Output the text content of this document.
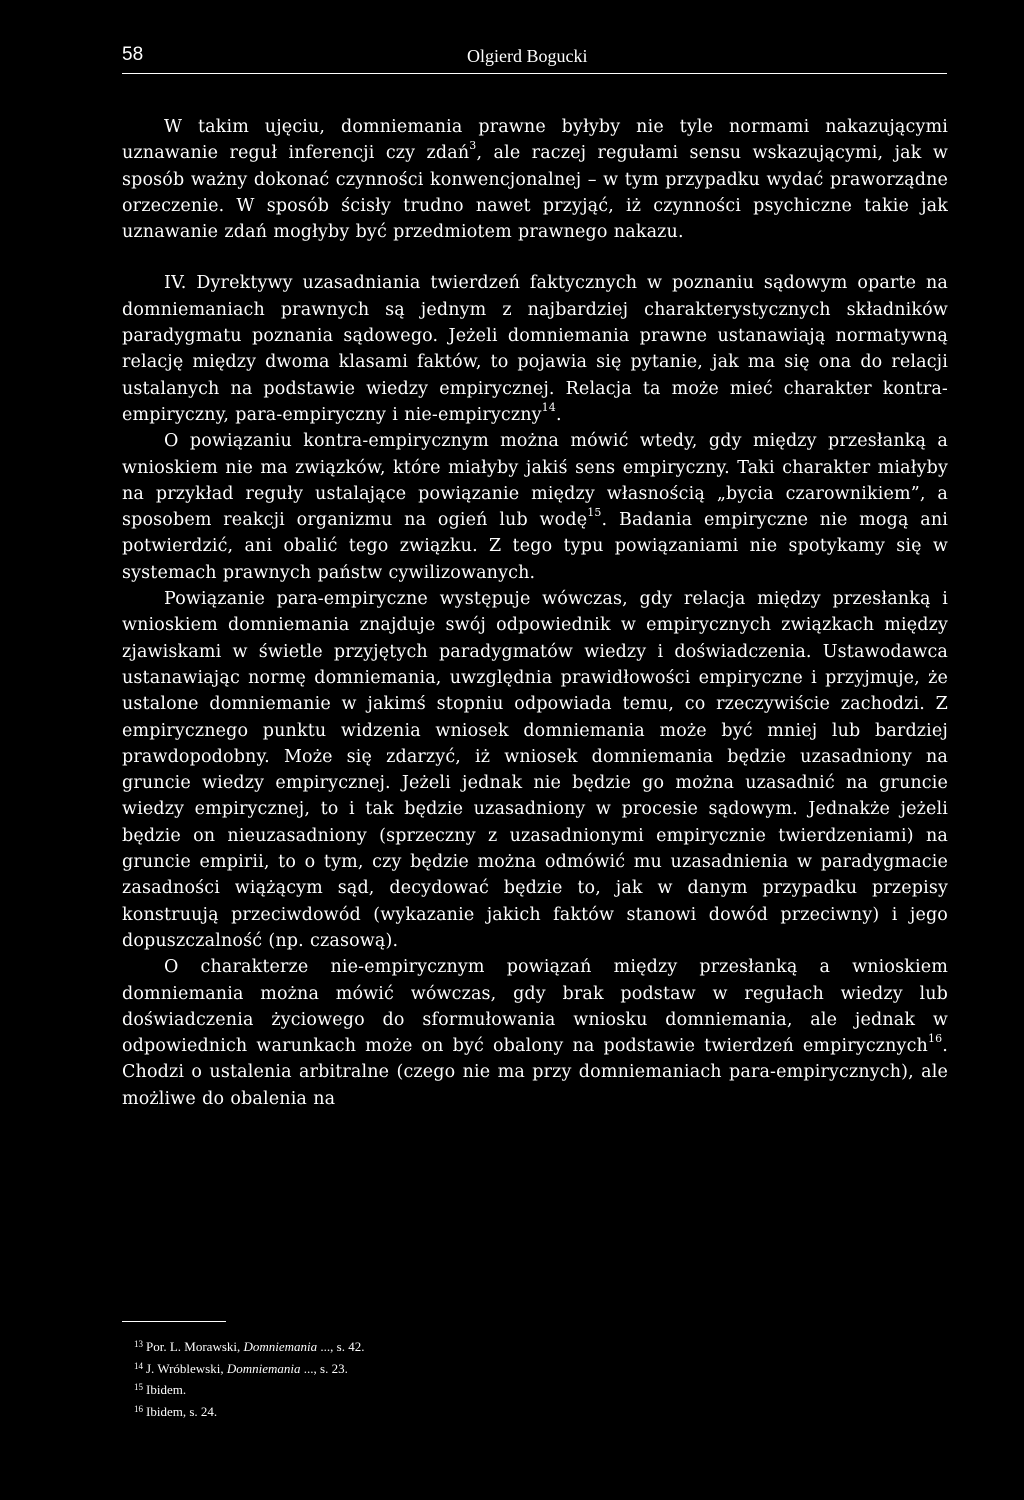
58	Olgierd Bogucki

W takim ujęciu, domniemania prawne byłyby nie tyle normami nakazującymi uznawanie reguł inferencji czy zdań$^3$, ale raczej regułami sensu wskazującymi, jak w sposób ważny dokonać czynności konwencjonalnej – w tym przypadku wydać praworządne orzeczenie. W sposób ścisły trudno nawet przyjąć, iż czynności psychiczne takie jak uznawanie zdań mogłyby być przedmiotem prawnego nakazu.

IV. Dyrektywy uzasadniania twierdzeń faktycznych w poznaniu sądowym oparte na domniemaniach prawnych są jednym z najbardziej charakterystycznych składników paradygmatu poznania sądowego. Jeżeli domniemania prawne ustanawiają normatywną relację między dwoma klasami faktów, to pojawia się pytanie, jak ma się ona do relacji ustalanych na podstawie wiedzy empirycznej. Relacja ta może mieć charakter kontra-empiryczny, para-empiryczny i nie-empiryczny$^{14}$.

O powiązaniu kontra-empirycznym można mówić wtedy, gdy między przesłanką a wnioskiem nie ma związków, które miałyby jakiś sens empiryczny. Taki charakter miałyby na przykład reguły ustalające powiązanie między własnością „bycia czarownikiem”, a sposobem reakcji organizmu na ogień lub wodę$^{15}$. Badania empiryczne nie mogą ani potwierdzić, ani obalić tego związku. Z tego typu powiązaniami nie spotykamy się w systemach prawnych państw cywilizowanych.

Powiązanie para-empiryczne występuje wówczas, gdy relacja między przesłanką i wnioskiem domniemania znajduje swój odpowiednik w empirycznych związkach między zjawiskami w świetle przyjętych paradygmatów wiedzy i doświadczenia. Ustawodawca ustanawiając normę domniemania, uwzględnia prawidłowości empiryczne i przyjmuje, że ustalone domniemanie w jakimś stopniu odpowiada temu, co rzeczywiście zachodzi. Z empirycznego punktu widzenia wniosek domniemania może być mniej lub bardziej prawdopodobny. Może się zdarzyć, iż wniosek domniemania będzie uzasadniony na gruncie wiedzy empirycznej. Jeżeli jednak nie będzie go można uzasadnić na gruncie wiedzy empirycznej, to i tak będzie uzasadniony w procesie sądowym. Jednakże jeżeli będzie on nieuzasadniony (sprzeczny z uzasadnionymi empirycznie twierdzeniami) na gruncie empirii, to o tym, czy będzie można odmówić mu uzasadnienia w paradygmacie zasadności wiążącym sąd, decydować będzie to, jak w danym przypadku przepisy konstruują przeciwdowód (wykazanie jakich faktów stanowi dowód przeciwny) i jego dopuszczalność (np. czasową).

O charakterze nie-empirycznym powiązań między przesłanką a wnioskiem domniemania można mówić wówczas, gdy brak podstaw w regułach wiedzy lub doświadczenia życiowego do sformułowania wniosku domniemania, ale jednak w odpowiednich warunkach może on być obalony na podstawie twierdzeń empirycznych$^{16}$. Chodzi o ustalenia arbitralne (czego nie ma przy domniemaniach para-empirycznych), ale możliwe do obalenia na

$^{13}$ Por. L. Morawski, Domniemania ..., s. 42.

$^{14}$ J. Wróblewski, Domniemania ..., s. 23.

$^{15}$ Ibidem.

$^{16}$ Ibidem, s. 24.
